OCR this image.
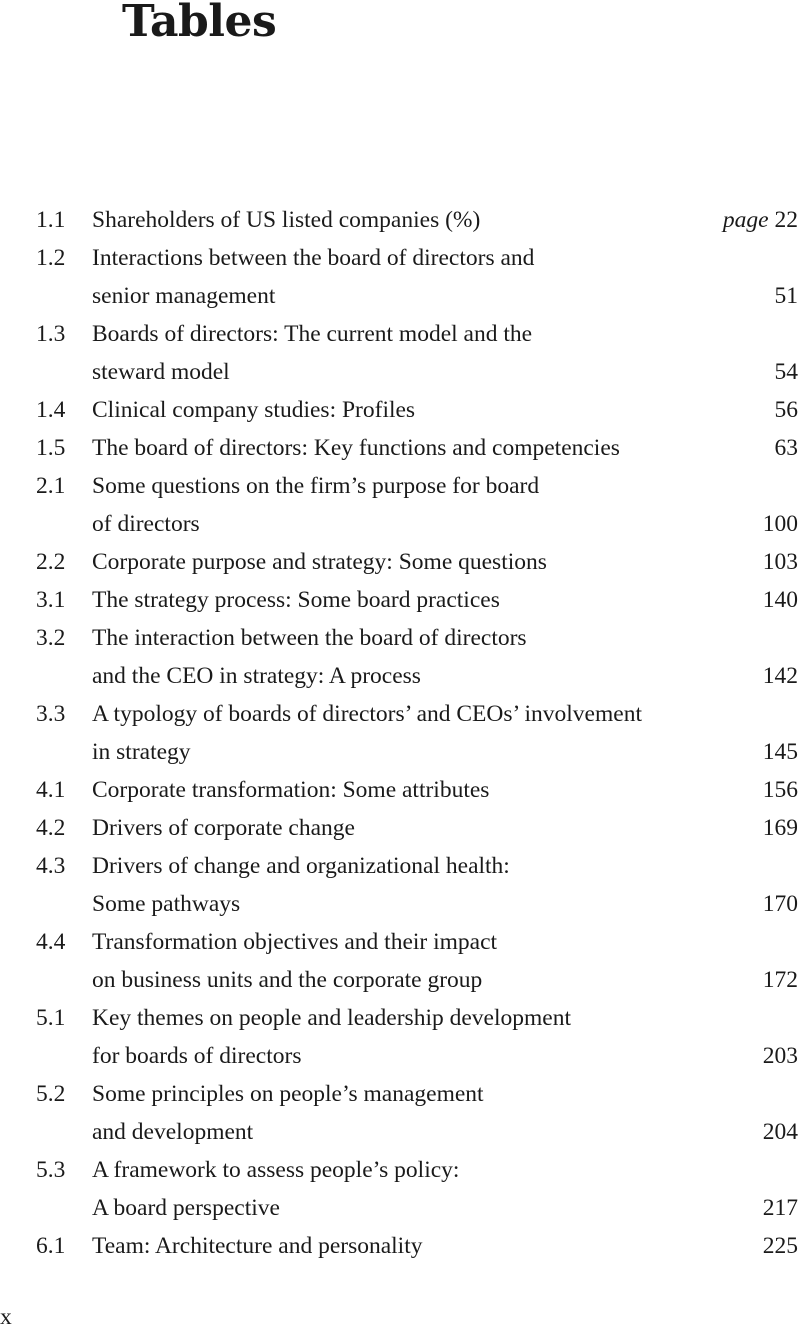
Tables
1.1 Shareholders of US listed companies (%)	page 22
1.2 Interactions between the board of directors and
senior management	51
1.3 Boards of directors: The current model and the
steward model	54
1.4 Clinical company studies: Profiles	56
1.5 The board of directors: Key functions and competencies	63
2.1 Some questions on the firm’s purpose for board
of directors	100
2.2 Corporate purpose and strategy: Some questions	103
3.1 The strategy process: Some board practices	140
3.2 The interaction between the board of directors
and the CEO in strategy: A process	142
3.3 A typology of boards of directors’ and CEOs’ involvement
in strategy	145
4.1 Corporate transformation: Some attributes	156
4.2 Drivers of corporate change	169
4.3 Drivers of change and organizational health:
Some pathways	170
4.4 Transformation objectives and their impact
on business units and the corporate group	172
5.1 Key themes on people and leadership development
for boards of directors	203
5.2 Some principles on people’s management
and development	204
5.3 A framework to assess people’s policy:
A board perspective	217
6.1 Team: Architecture and personality	225
x
